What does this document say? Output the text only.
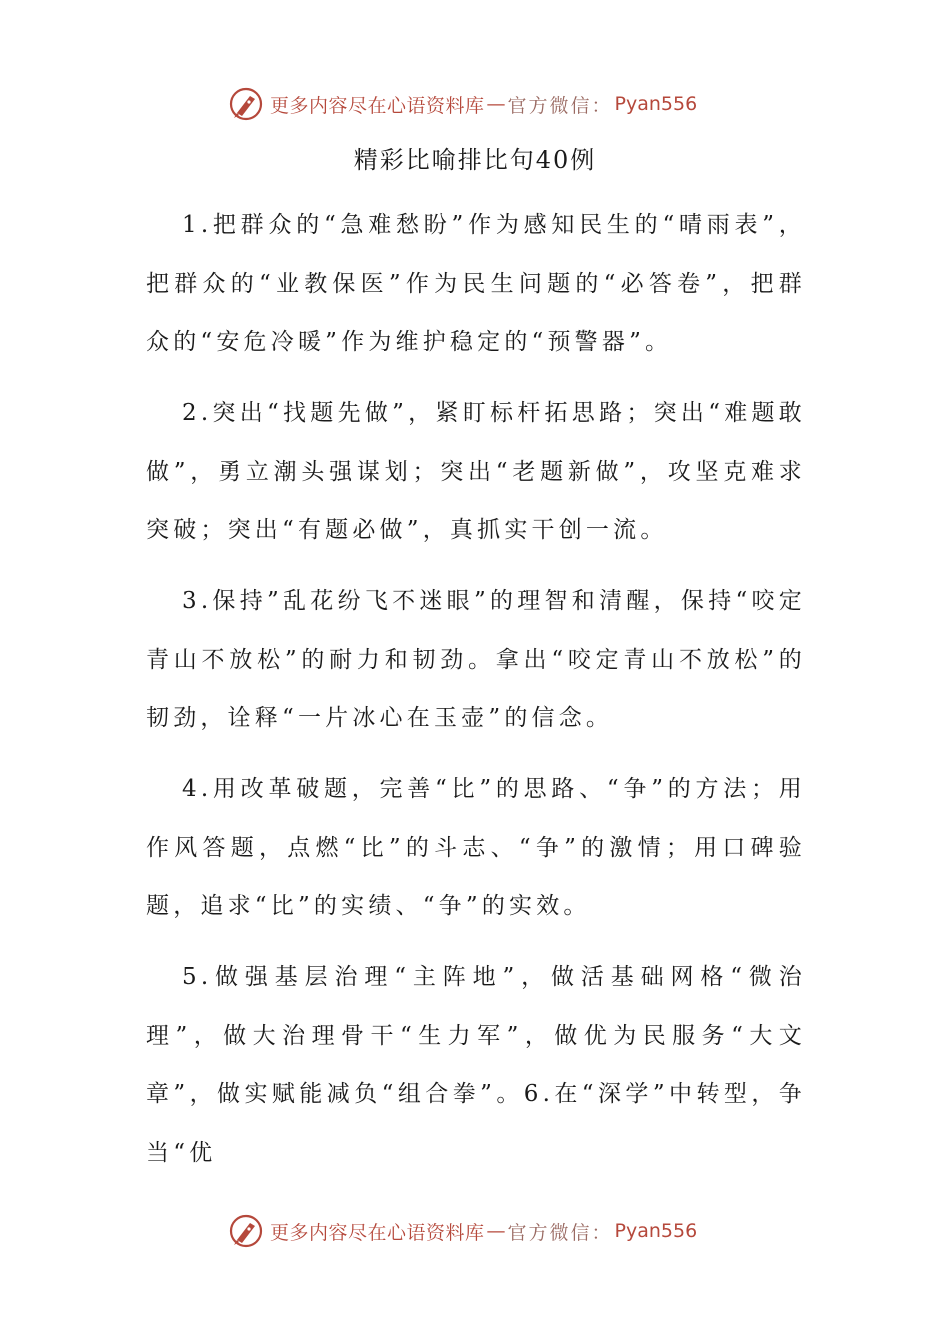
更多内容尽在心语资料库 — 官方微信： Pyan556
精彩比喻排比句40例

1.把群众的“急难愁盼”作为感知民生的“晴雨表”，把群众的“业教保医”作为民生问题的“必答卷”，把群众的“安危冷暖”作为维护稳定的“预警器”。

2.突出“找题先做”，紧盯标杆拓思路；突出“难题敢做”，勇立潮头强谋划；突出“老题新做”，攻坚克难求突破；突出“有题必做”，真抓实干创一流。

3.保持”乱花纷飞不迷眼”的理智和清醒，保持“咬定青山不放松”的耐力和韧劲。拿出“咬定青山不放松”的韧劲，诠释“一片冰心在玉壶”的信念。

4.用改革破题，完善“比”的思路、“争”的方法；用作风答题，点燃“比”的斗志、“争”的激情；用口碑验题，追求“比”的实绩、“争”的实效。

5.做强基层治理“主阵地”，做活基础网格“微治理”，做大治理骨干“生力军”，做优为民服务“大文章”，做实赋能减负“组合拳”。6.在“深学”中转型，争当“优

更多内容尽在心语资料库 — 官方微信： Pyan556
